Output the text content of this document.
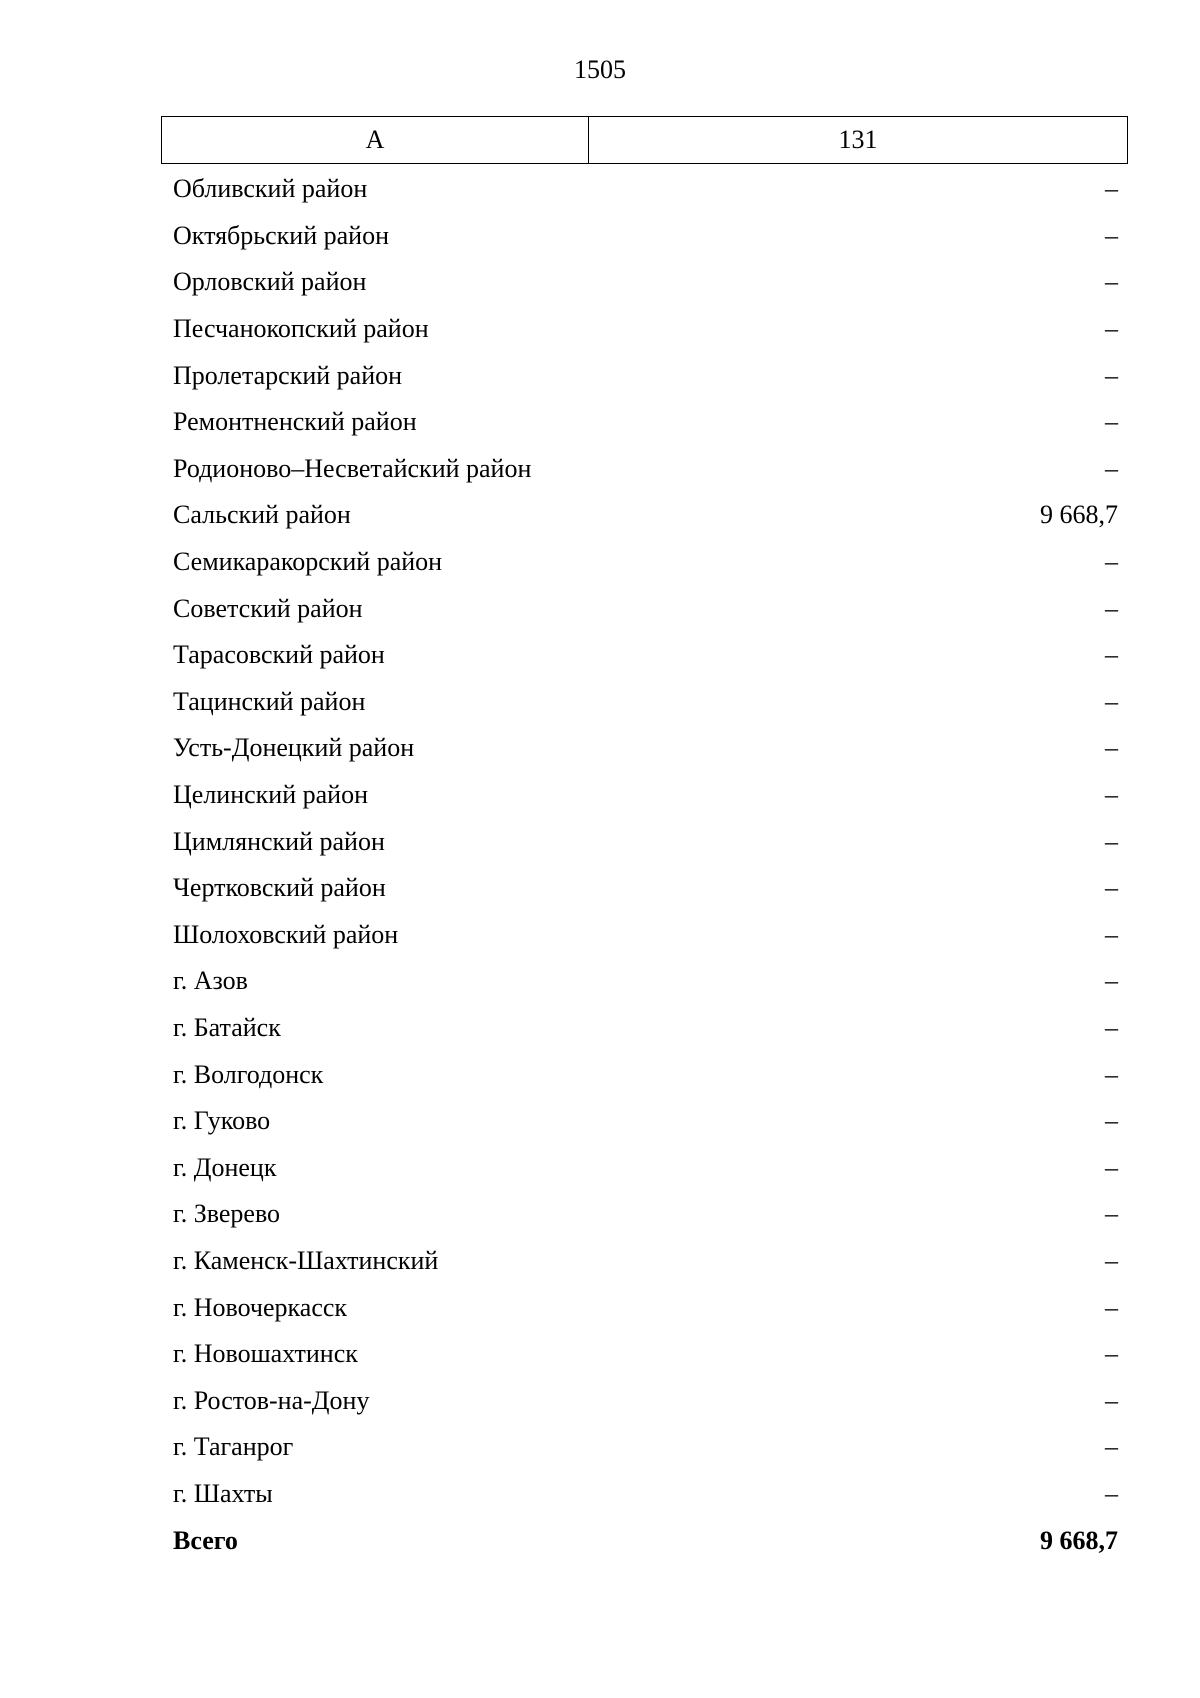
1505
А	131
Обливский район	–
Октябрьский район	–
Орловский район	–
Песчанокопский район	–
Пролетарский район	–
Ремонтненский район	–
Родионово–Несветайский район	–
Сальский район	9 668,7
Семикаракорский район	–
Советский район	–
Тарасовский район	–
Тацинский район	–
Усть-Донецкий район	–
Целинский район	–
Цимлянский район	–
Чертковский район	–
Шолоховский район	–
г. Азов	–
г. Батайск	–
г. Волгодонск	–
г. Гуково	–
г. Донецк	–
г. Зверево	–
г. Каменск-Шахтинский	–
г. Новочеркасск	–
г. Новошахтинск	–
г. Ростов-на-Дону	–
г. Таганрог	–
г. Шахты	–
Всего	9 668,7
